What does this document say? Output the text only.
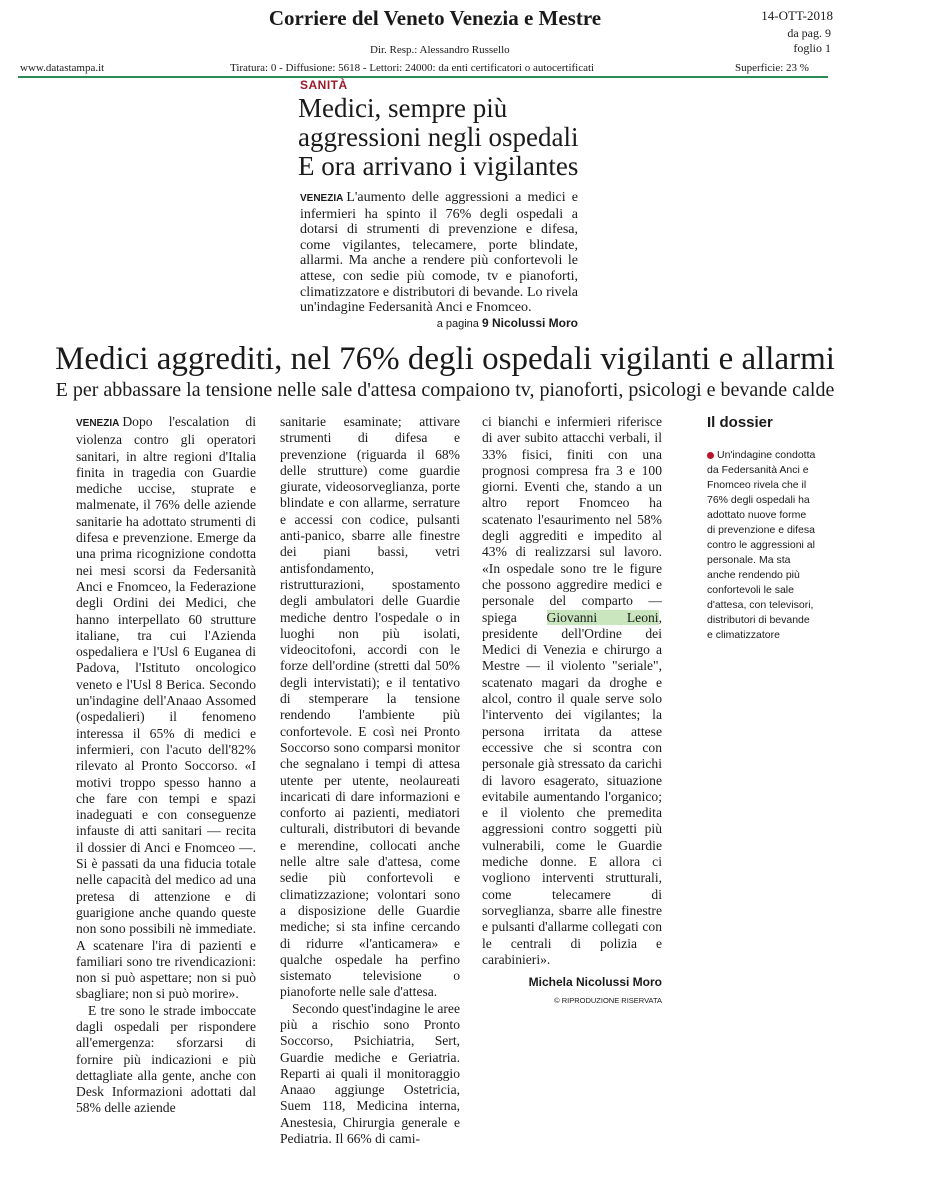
Corriere del Veneto Venezia e Mestre	14-OTT-2018
da pag. 9
foglio 1
Dir. Resp.: Alessandro Russello
www.datastampa.it	Tiratura: 0 - Diffusione: 5618 - Lettori: 24000: da enti certificatori o autocertificati	Superficie: 23 %
SANITÀ
Medici, sempre più
aggressioni negli ospedali
E ora arrivano i vigilantes
VENEZIA L'aumento delle aggressioni a medici e infermieri ha spinto il 76% degli ospedali a dotarsi di strumenti di prevenzione e difesa, come vigilantes, telecamere, porte blindate, allarmi. Ma anche a rendere più confortevoli le attese, con sedie più comode, tv e pianoforti, climatizzatore e distributori di bevande. Lo rivela un'indagine Federsanità Anci e Fnomceo.
a pagina 9 Nicolussi Moro
Medici aggrediti, nel 76% degli ospedali vigilanti e allarmi
E per abbassare la tensione nelle sale d'attesa compaiono tv, pianoforti, psicologi e bevande calde

VENEZIA Dopo l'escalation di violenza contro gli operatori sanitari, in altre regioni d'Italia finita in tragedia con Guardie mediche uccise, stuprate e malmenate, il 76% delle aziende sanitarie ha adottato strumenti di difesa e prevenzione. Emerge da una prima ricognizione condotta nei mesi scorsi da Federsanità Anci e Fnomceo, la Federazione degli Ordini dei Medici, che hanno interpellato 60 strutture italiane, tra cui l'Azienda ospedaliera e l'Usl 6 Euganea di Padova, l'Istituto oncologico veneto e l'Usl 8 Berica. Secondo un'indagine dell'Anaao Assomed (ospedalieri) il fenomeno interessa il 65% di medici e infermieri, con l'acuto dell'82% rilevato al Pronto Soccorso. «I motivi troppo spesso hanno a che fare con tempi e spazi inadeguati e con conseguenze infauste di atti sanitari — recita il dossier di Anci e Fnomceo —. Si è passati da una fiducia totale nelle capacità del medico ad una pretesa di attenzione e di guarigione anche quando queste non sono possibili nè immediate. A scatenare l'ira di pazienti e familiari sono tre rivendicazioni: non si può aspettare; non si può sbagliare; non si può morire».

E tre sono le strade imboccate dagli ospedali per rispondere all'emergenza: sforzarsi di fornire più indicazioni e più dettagliate alla gente, anche con Desk Informazioni adottati dal 58% delle aziende

sanitarie esaminate; attivare strumenti di difesa e prevenzione (riguarda il 68% delle strutture) come guardie giurate, videosorveglianza, porte blindate e con allarme, serrature e accessi con codice, pulsanti anti-panico, sbarre alle finestre dei piani bassi, vetri antisfondamento, ristrutturazioni, spostamento degli ambulatori delle Guardie mediche dentro l'ospedale o in luoghi non più isolati, videocitofoni, accordi con le forze dell'ordine (stretti dal 50% degli intervistati); e il tentativo di stemperare la tensione rendendo l'ambiente più confortevole. E così nei Pronto Soccorso sono comparsi monitor che segnalano i tempi di attesa utente per utente, neolaureati incaricati di dare informazioni e conforto ai pazienti, mediatori culturali, distributori di bevande e merendine, collocati anche nelle altre sale d'attesa, come sedie più confortevoli e climatizzazione; volontari sono a disposizione delle Guardie mediche; si sta infine cercando di ridurre «l'anticamera» e qualche ospedale ha perfino sistemato televisione o pianoforte nelle sale d'attesa.

Secondo quest'indagine le aree più a rischio sono Pronto Soccorso, Psichiatria, Sert, Guardie mediche e Geriatria. Reparti ai quali il monitoraggio Anaao aggiunge Ostetricia, Suem 118, Medicina interna, Anestesia, Chirurgia generale e Pediatria. Il 66% di cami-

ci bianchi e infermieri riferisce di aver subito attacchi verbali, il 33% fisici, finiti con una prognosi compresa fra 3 e 100 giorni. Eventi che, stando a un altro report Fnomceo ha scatenato l'esaurimento nel 58% degli aggrediti e impedito al 43% di realizzarsi sul lavoro. «In ospedale sono tre le figure che possono aggredire medici e personale del comparto — spiega Giovanni Leoni, presidente dell'Ordine dei Medici di Venezia e chirurgo a Mestre — il violento "seriale", scatenato magari da droghe e alcol, contro il quale serve solo l'intervento dei vigilantes; la persona irritata da attese eccessive che si scontra con personale già stressato da carichi di lavoro esagerato, situazione evitabile aumentando l'organico; e il violento che premedita aggressioni contro soggetti più vulnerabili, come le Guardie mediche donne. E allora ci vogliono interventi strutturali, come telecamere di sorveglianza, sbarre alle finestre e pulsanti d'allarme collegati con le centrali di polizia e carabinieri».

Michela Nicolussi Moro
© RIPRODUZIONE RISERVATA
Il dossier
Un'indagine condotta da Federsanità Anci e Fnomceo rivela che il 76% degli ospedali ha adottato nuove forme di prevenzione e difesa contro le aggressioni al personale. Ma sta anche rendendo più confortevoli le sale d'attesa, con televisori, distributori di bevande e climatizzatore
